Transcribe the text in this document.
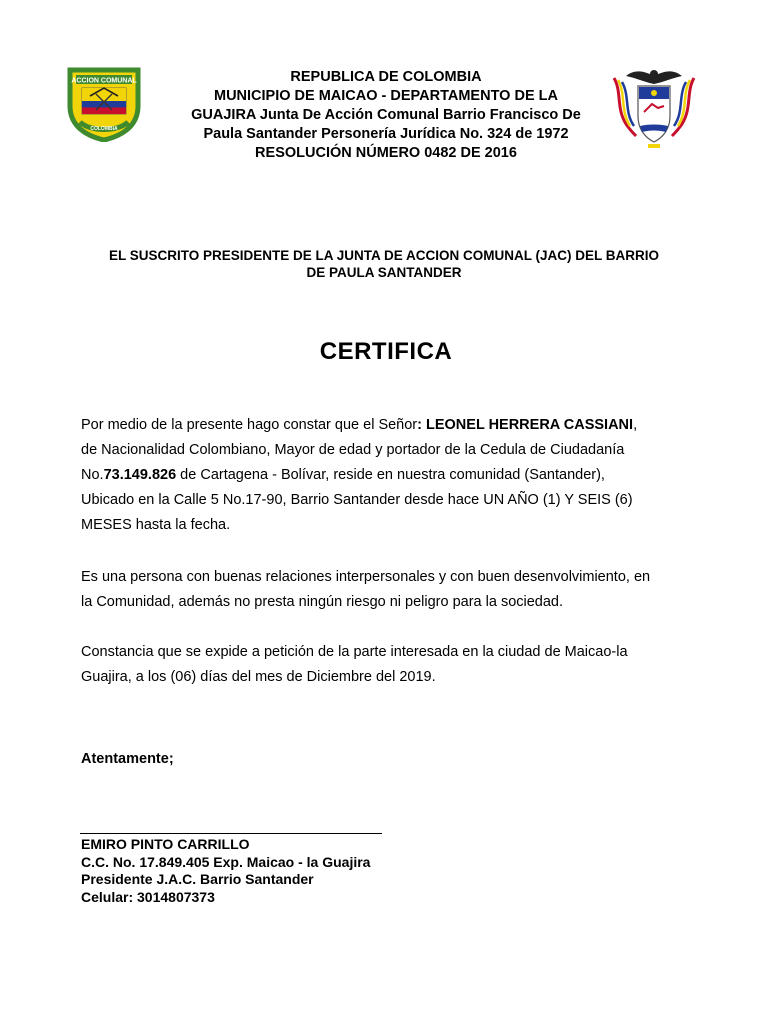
ACCION COMUNAL
COLOMBIA
REPUBLICA DE COLOMBIA
MUNICIPIO DE MAICAO - DEPARTAMENTO DE LA
GUAJIRA Junta De Acción Comunal Barrio Francisco De
Paula Santander Personería Jurídica No. 324 de 1972
RESOLUCIÓN NÚMERO 0482 DE 2016
EL SUSCRITO PRESIDENTE DE LA JUNTA DE ACCION COMUNAL (JAC) DEL BARRIO
DE PAULA SANTANDER
CERTIFICA
Por medio de la presente hago constar que el Señor: LEONEL HERRERA CASSIANI,
de Nacionalidad Colombiano, Mayor de edad y portador de la Cedula de Ciudadanía
No.73.149.826 de Cartagena - Bolívar, reside en nuestra comunidad (Santander),
Ubicado en la Calle 5 No.17-90, Barrio Santander desde hace UN AÑO (1) Y SEIS (6)
MESES hasta la fecha.
Es una persona con buenas relaciones interpersonales y con buen desenvolvimiento, en
la Comunidad, además no presta ningún riesgo ni peligro para la sociedad.
Constancia que se expide a petición de la parte interesada en la ciudad de Maicao-la
Guajira, a los (06) días del mes de Diciembre del 2019.
Atentamente;
EMIRO PINTO CARRILLO
C.C. No. 17.849.405 Exp. Maicao - la Guajira
Presidente J.A.C. Barrio Santander
Celular: 3014807373
